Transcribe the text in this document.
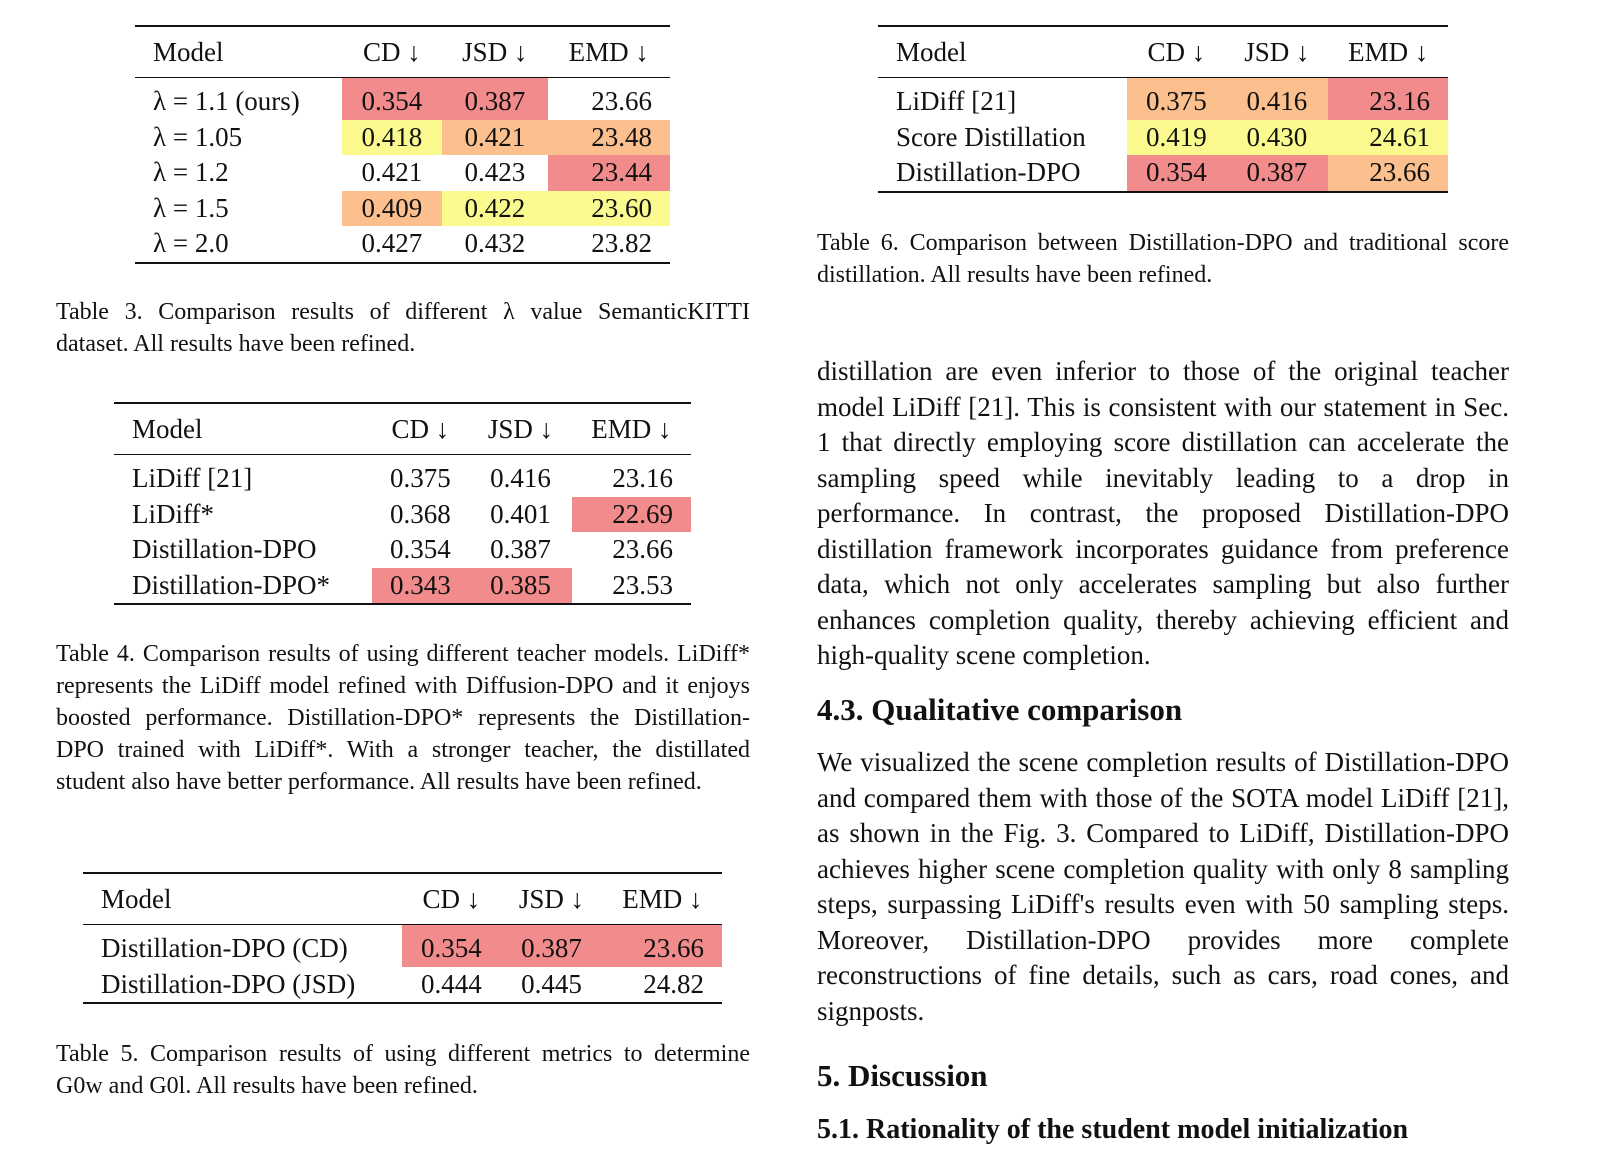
Model	CD ↓	JSD ↓	EMD ↓
λ = 1.1 (ours)	0.354	0.387	23.66
λ = 1.05	0.418	0.421	23.48
λ = 1.2	0.421	0.423	23.44
λ = 1.5	0.409	0.422	23.60
λ = 2.0	0.427	0.432	23.82
Table 3. Comparison results of different λ value SemanticKITTI dataset. All results have been refined.
Model	CD ↓	JSD ↓	EMD ↓
LiDiff [21]	0.375	0.416	23.16
LiDiff*	0.368	0.401	22.69
Distillation-DPO	0.354	0.387	23.66
Distillation-DPO*	0.343	0.385	23.53
Table 4. Comparison results of using different teacher models. LiDiff* represents the LiDiff model refined with Diffusion-DPO and it enjoys boosted performance. Distillation-DPO* represents the Distillation-DPO trained with LiDiff*. With a stronger teacher, the distillated student also have better performance. All results have been refined.
Model	CD ↓	JSD ↓	EMD ↓
Distillation-DPO (CD)	0.354	0.387	23.66
Distillation-DPO (JSD)	0.444	0.445	24.82
Table 5. Comparison results of using different metrics to determine G0w and G0l. All results have been refined.
Model	CD ↓	JSD ↓	EMD ↓
LiDiff [21]	0.375	0.416	23.16
Score Distillation	0.419	0.430	24.61
Distillation-DPO	0.354	0.387	23.66
Table 6. Comparison between Distillation-DPO and traditional score distillation. All results have been refined.
distillation are even inferior to those of the original teacher model LiDiff [21]. This is consistent with our statement in Sec. 1 that directly employing score distillation can accelerate the sampling speed while inevitably leading to a drop in performance. In contrast, the proposed Distillation-DPO distillation framework incorporates guidance from preference data, which not only accelerates sampling but also further enhances completion quality, thereby achieving efficient and high-quality scene completion.
4.3. Qualitative comparison
We visualized the scene completion results of Distillation-DPO and compared them with those of the SOTA model LiDiff [21], as shown in the Fig. 3. Compared to LiDiff, Distillation-DPO achieves higher scene completion quality with only 8 sampling steps, surpassing LiDiff's results even with 50 sampling steps. Moreover, Distillation-DPO provides more complete reconstructions of fine details, such as cars, road cones, and signposts.
5. Discussion
5.1. Rationality of the student model initialization
